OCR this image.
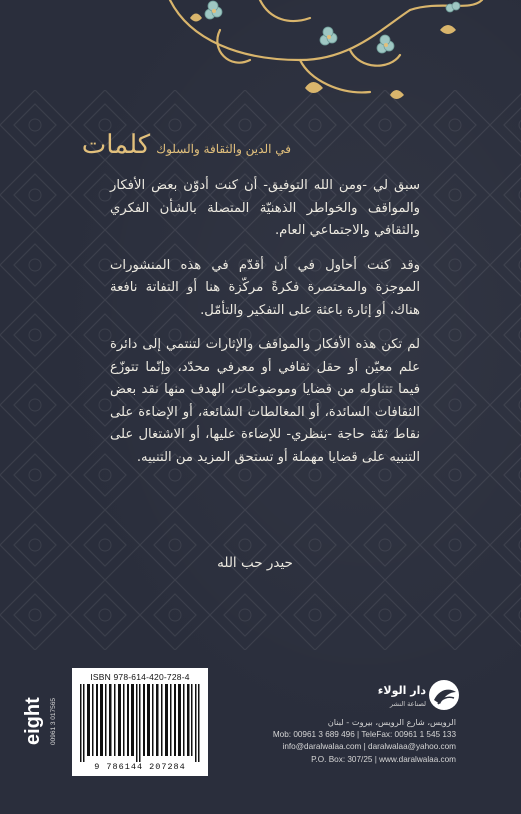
كلمات في الدين والثقافة والسلوك

سبق لي -ومن الله التوفيق- أن كنت أدوّن بعض الأفكار والمواقف والخواطر الذهنيّة المتصلة بالشأن الفكري والثقافي والاجتماعي العام.

وقد كنت أحاول في أن أقدّم في هذه المنشورات الموجزة والمختصرة فكرةً مركّزة هنا أو التفاتة نافعة هناك، أو إثارة باعثة على التفكير والتأمّل.

لم تكن هذه الأفكار والمواقف والإثارات لتنتمي إلى دائرة علم معيّن أو حقل ثقافي أو معرفي محدّد، وإنّما تتوزّع فيما تتناوله من قضايا وموضوعات، الهدف منها نقد بعض الثقافات السائدة، أو المغالطات الشائعة، أو الإضاءة على نقاط ثمّة حاجة -بنظري- للإضاءة عليها، أو الاشتغال على التنبيه على قضايا مهملة أو تستحق المزيد من التنبيه.

حيدر حب الله
eight 00961 3 017565
ISBN 978-614-420-728-4
9 786144 207284
دار الولاء
لصناعة النشر
الرويس، شارع الرويس، بيروت - لبنان
Mob: 00961 3 689 496 | TeleFax: 00961 1 545 133
info@daralwalaa.com | daralwalaa@yahoo.com
P.O. Box: 307/25 | www.daralwalaa.com
